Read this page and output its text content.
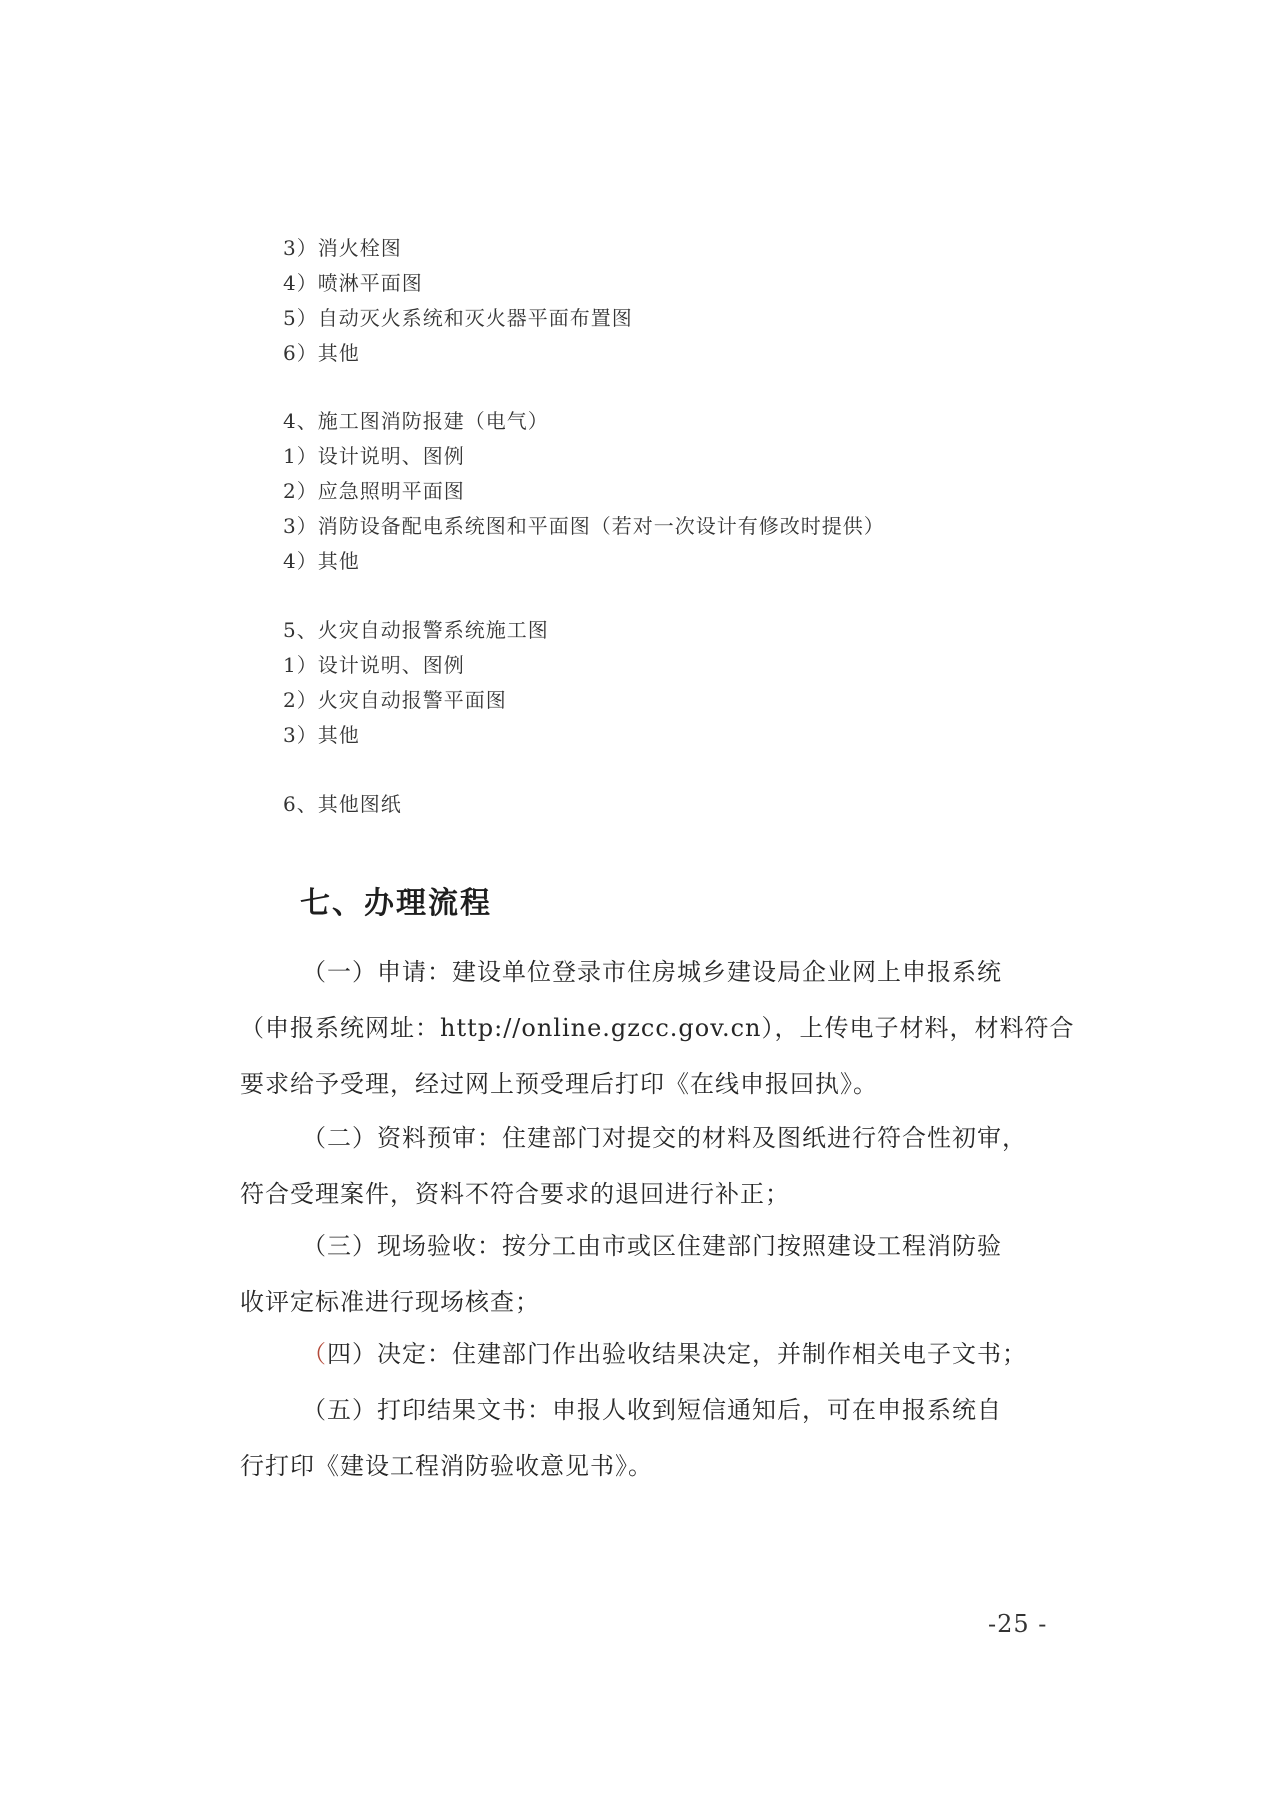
3）消火栓图
4）喷淋平面图
5）自动灭火系统和灭火器平面布置图
6）其他
4、施工图消防报建（电气）
1）设计说明、图例
2）应急照明平面图
3）消防设备配电系统图和平面图（若对一次设计有修改时提供）
4）其他
5、火灾自动报警系统施工图
1）设计说明、图例
2）火灾自动报警平面图
3）其他
6、其他图纸
七、办理流程
（一）申请：建设单位登录市住房城乡建设局企业网上申报系统
（申报系统网址：http://online.gzcc.gov.cn），上传电子材料，材料符合
要求给予受理，经过网上预受理后打印《在线申报回执》。
（二）资料预审：住建部门对提交的材料及图纸进行符合性初审，
符合受理案件，资料不符合要求的退回进行补正；
（三）现场验收：按分工由市或区住建部门按照建设工程消防验
收评定标准进行现场核查；
（四）决定：住建部门作出验收结果决定，并制作相关电子文书；
（五）打印结果文书：申报人收到短信通知后，可在申报系统自
行打印《建设工程消防验收意见书》。
-25 -
